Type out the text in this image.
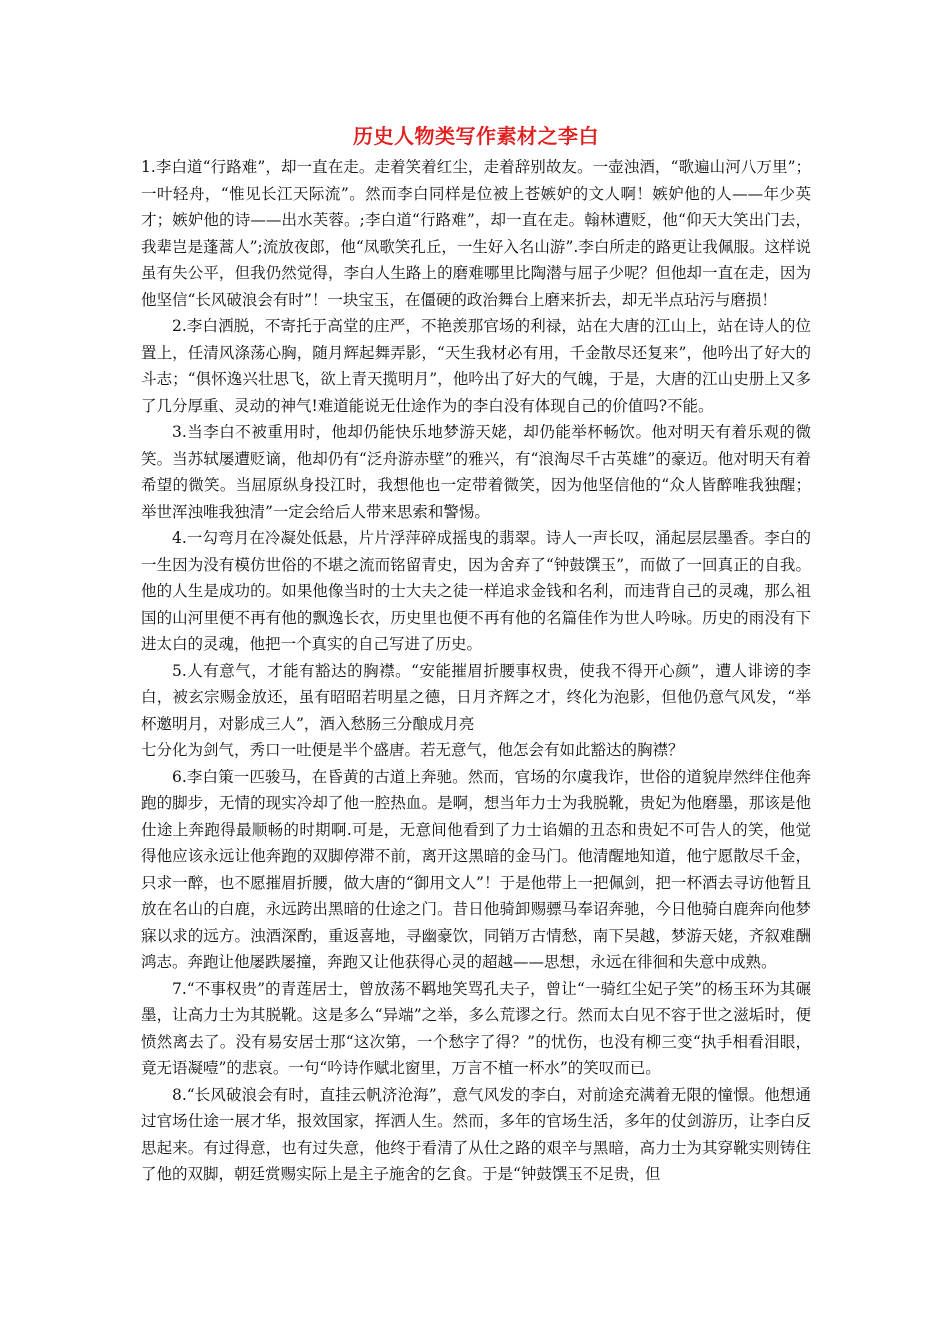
历史人物类写作素材之李白

1.李白道“行路难”，却一直在走。走着笑着红尘，走着辞别故友。一壶浊酒，“歌遍山河八万里”；一叶轻舟，“惟见长江天际流”。然而李白同样是位被上苍嫉妒的文人啊！嫉妒他的人——年少英才；嫉妒他的诗——出水芙蓉。;李白道“行路难”，却一直在走。翰林遭贬，他“仰天大笑出门去，我辈岂是蓬蒿人”;流放夜郎，他“凤歌笑孔丘，一生好入名山游”.李白所走的路更让我佩服。这样说虽有失公平，但我仍然觉得，李白人生路上的磨难哪里比陶潜与屈子少呢？但他却一直在走，因为他坚信“长风破浪会有时”！一块宝玉，在僵硬的政治舞台上磨来折去，却无半点玷污与磨损！

2.李白洒脱，不寄托于高堂的庄严，不艳羡那官场的利禄，站在大唐的江山上，站在诗人的位置上，任清风涤荡心胸，随月辉起舞弄影，“天生我材必有用，千金散尽还复来”，他吟出了好大的斗志；“俱怀逸兴壮思飞，欲上青天揽明月”，他吟出了好大的气魄，于是，大唐的江山史册上又多了几分厚重、灵动的神气!难道能说无仕途作为的李白没有体现自己的价值吗?不能。

3.当李白不被重用时，他却仍能快乐地梦游天姥，却仍能举杯畅饮。他对明天有着乐观的微笑。当苏轼屡遭贬谪，他却仍有“泛舟游赤壁”的雅兴，有“浪淘尽千古英雄”的豪迈。他对明天有着希望的微笑。当屈原纵身投江时，我想他也一定带着微笑，因为他坚信他的“众人皆醉唯我独醒；举世浑浊唯我独清”一定会给后人带来思索和警惕。

4.一勾弯月在冷凝处低悬，片片浮萍碎成摇曳的翡翠。诗人一声长叹，涌起层层墨香。李白的一生因为没有模仿世俗的不堪之流而铭留青史，因为舍弃了“钟鼓馔玉”，而做了一回真正的自我。他的人生是成功的。如果他像当时的士大夫之徒一样追求金钱和名利，而违背自己的灵魂，那么祖国的山河里便不再有他的飘逸长衣，历史里也便不再有他的名篇佳作为世人吟咏。历史的雨没有下进太白的灵魂，他把一个真实的自己写进了历史。

5.人有意气，才能有豁达的胸襟。“安能摧眉折腰事权贵，使我不得开心颜”，遭人诽谤的李白，被玄宗赐金放还，虽有昭昭若明星之德，日月齐辉之才，终化为泡影，但他仍意气风发，“举杯邀明月，对影成三人”，酒入愁肠三分酿成月亮

七分化为剑气，秀口一吐便是半个盛唐。若无意气，他怎会有如此豁达的胸襟？

6.李白策一匹骏马，在昏黄的古道上奔驰。然而，官场的尔虞我诈，世俗的道貌岸然绊住他奔跑的脚步，无情的现实冷却了他一腔热血。是啊，想当年力士为我脱靴，贵妃为他磨墨，那该是他仕途上奔跑得最顺畅的时期啊.可是，无意间他看到了力士谄媚的丑态和贵妃不可告人的笑，他觉得他应该永远让他奔跑的双脚停滞不前，离开这黑暗的金马门。他清醒地知道，他宁愿散尽千金，只求一醉，也不愿摧眉折腰，做大唐的“御用文人”！于是他带上一把佩剑，把一杯酒去寻访他暂且放在名山的白鹿，永远跨出黑暗的仕途之门。昔日他骑卸赐骠马奉诏奔驰，今日他骑白鹿奔向他梦寐以求的远方。浊酒深酌，重返喜地，寻幽豪饮，同销万古情愁，南下吴越，梦游天姥，齐叙难酬鸿志。奔跑让他屡跌屡撞，奔跑又让他获得心灵的超越——思想，永远在徘徊和失意中成熟。

7.“不事权贵”的青莲居士，曾放荡不羁地笑骂孔夫子，曾让“一骑红尘妃子笑”的杨玉环为其碾墨，让高力士为其脱靴。这是多么“异端”之举，多么荒谬之行。然而太白见不容于世之滋垢时，便愤然离去了。没有易安居士那“这次第，一个愁字了得？”的忧伤，也没有柳三变“执手相看泪眼，竟无语凝噎”的悲哀。一句“吟诗作赋北窗里，万言不植一杯水”的笑叹而已。

8.“长风破浪会有时，直挂云帆济沧海”，意气风发的李白，对前途充满着无限的憧憬。他想通过官场仕途一展才华，报效国家，挥洒人生。然而，多年的官场生活，多年的仗剑游历，让李白反思起来。有过得意，也有过失意，他终于看清了从仕之路的艰辛与黑暗，高力士为其穿靴实则铸住了他的双脚，朝廷赏赐实际上是主子施舍的乞食。于是“钟鼓馔玉不足贵，但
